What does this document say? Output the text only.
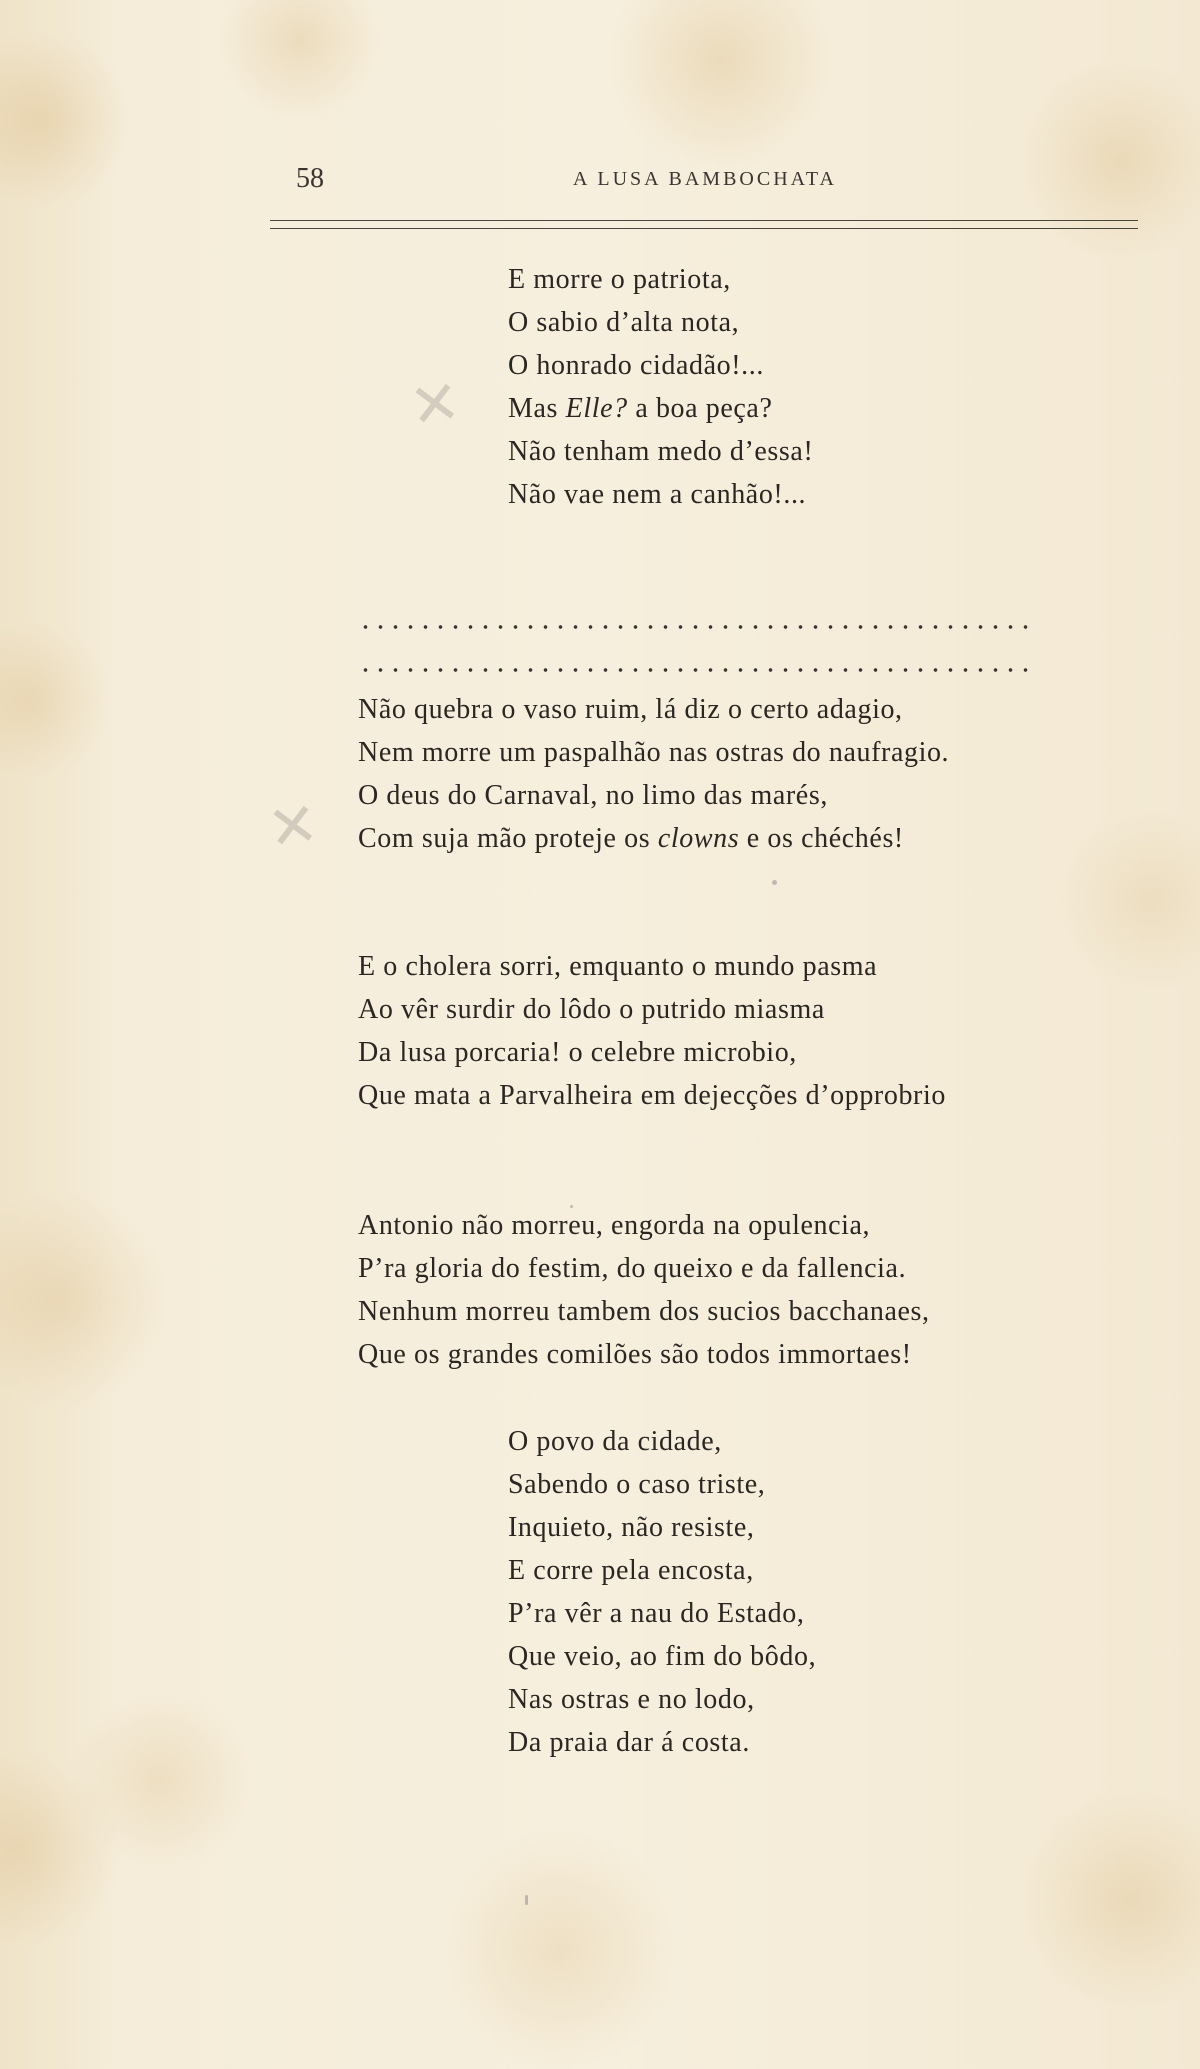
58	A LUSA BAMBOCHATA
E morre o patriota,
O sabio d’alta nota,
O honrado cidadão!...
Mas Elle? a boa peça?
Não tenham medo d’essa!
Não vae nem a canhão!...
Não quebra o vaso ruim, lá diz o certo adagio,
Nem morre um paspalhão nas ostras do naufragio.
O deus do Carnaval, no limo das marés,
Com suja mão proteje os clowns e os chéchés!
E o cholera sorri, emquanto o mundo pasma
Ao vêr surdir do lôdo o putrido miasma
Da lusa porcaria! o celebre microbio,
Que mata a Parvalheira em dejecções d’opprobrio
Antonio não morreu, engorda na opulencia,
P’ra gloria do festim, do queixo e da fallencia.
Nenhum morreu tambem dos sucios bacchanaes,
Que os grandes comilões são todos immortaes!
O povo da cidade,
Sabendo o caso triste,
Inquieto, não resiste,
E corre pela encosta,
P’ra vêr a nau do Estado,
Que veio, ao fim do bôdo,
Nas ostras e no lodo,
Da praia dar á costa.
✕
✕
